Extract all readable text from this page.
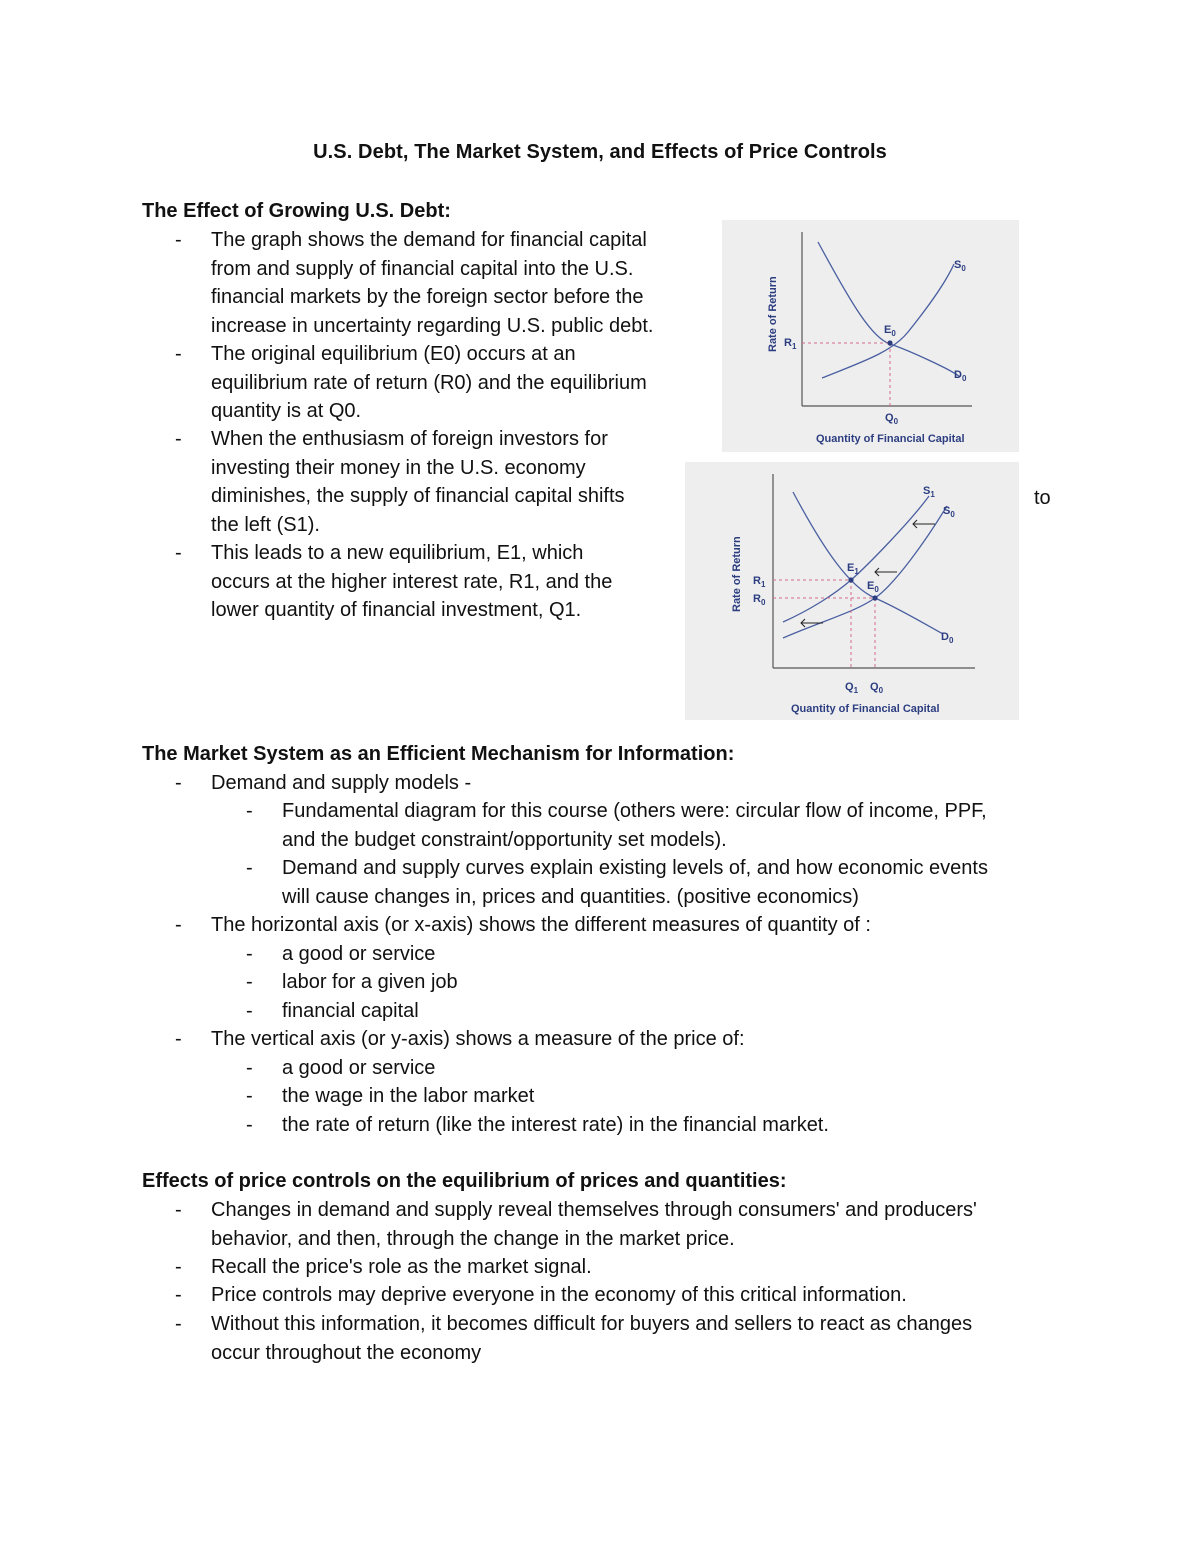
U.S. Debt, The Market System, and Effects of Price Controls
The Effect of Growing U.S. Debt:
-	The graph shows the demand for financial capital
from and supply of financial capital into the U.S.
financial markets by the foreign sector before the
increase in uncertainty regarding U.S. public debt.
-	The original equilibrium (E0) occurs at an
equilibrium rate of return (R0) and the equilibrium
quantity is at Q0.
-	When the enthusiasm of foreign investors for
investing their money in the U.S. economy
diminishes, the supply of financial capital shifts
the left (S1).
-	This leads to a new equilibrium, E1, which
occurs at the higher interest rate, R1, and the
lower quantity of financial investment, Q1.
to
$E_0$
$S_0$
$D_0$
$R_1$
$Q_0$
Quantity of Financial Capital
Rate of Return
$E_1$
$E_0$
$S_1$
$S_0$
$D_0$
$R_1$
$R_0$
$Q_1$ $Q_0$
Quantity of Financial Capital
Rate of Return
The Market System as an Efficient Mechanism for Information:
-	Demand and supply models -
-	Fundamental diagram for this course (others were: circular flow of income, PPF,
and the budget constraint/opportunity set models).
-	Demand and supply curves explain existing levels of, and how economic events
will cause changes in, prices and quantities. (positive economics)
-	The horizontal axis (or x-axis) shows the different measures of quantity of :
-	a good or service
-	labor for a given job
-	financial capital
-	The vertical axis (or y-axis) shows a measure of the price of:
-	a good or service
-	the wage in the labor market
-	the rate of return (like the interest rate) in the financial market.
Effects of price controls on the equilibrium of prices and quantities:
-	Changes in demand and supply reveal themselves through consumers' and producers'
behavior, and then, through the change in the market price.
-	Recall the price's role as the market signal.
-	Price controls may deprive everyone in the economy of this critical information.
-	Without this information, it becomes difficult for buyers and sellers to react as changes
occur throughout the economy
